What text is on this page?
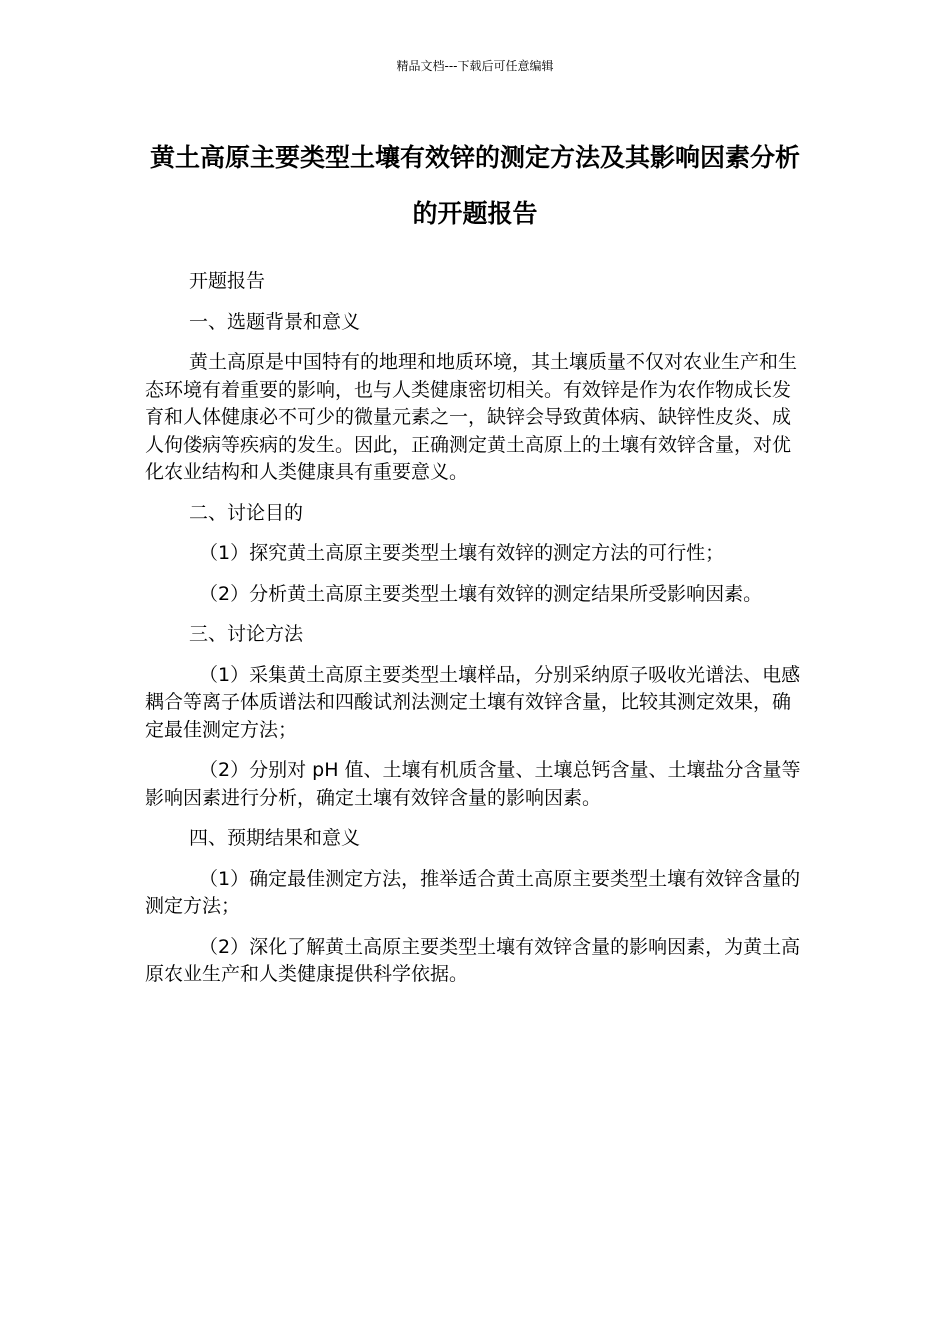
精品文档---下载后可任意编辑
黄土高原主要类型土壤有效锌的测定方法及其影响因素分析的开题报告

开题报告

一、选题背景和意义

黄土高原是中国特有的地理和地质环境，其土壤质量不仅对农业生产和生态环境有着重要的影响，也与人类健康密切相关。有效锌是作为农作物成长发育和人体健康必不可少的微量元素之一，缺锌会导致黄体病、缺锌性皮炎、成人佝偻病等疾病的发生。因此，正确测定黄土高原上的土壤有效锌含量，对优化农业结构和人类健康具有重要意义。

二、讨论目的

（1）探究黄土高原主要类型土壤有效锌的测定方法的可行性；

（2）分析黄土高原主要类型土壤有效锌的测定结果所受影响因素。

三、讨论方法

（1）采集黄土高原主要类型土壤样品，分别采纳原子吸收光谱法、电感耦合等离子体质谱法和四酸试剂法测定土壤有效锌含量，比较其测定效果，确定最佳测定方法；

（2）分别对 pH 值、土壤有机质含量、土壤总钙含量、土壤盐分含量等影响因素进行分析，确定土壤有效锌含量的影响因素。

四、预期结果和意义

（1）确定最佳测定方法，推举适合黄土高原主要类型土壤有效锌含量的测定方法；

（2）深化了解黄土高原主要类型土壤有效锌含量的影响因素，为黄土高原农业生产和人类健康提供科学依据。
